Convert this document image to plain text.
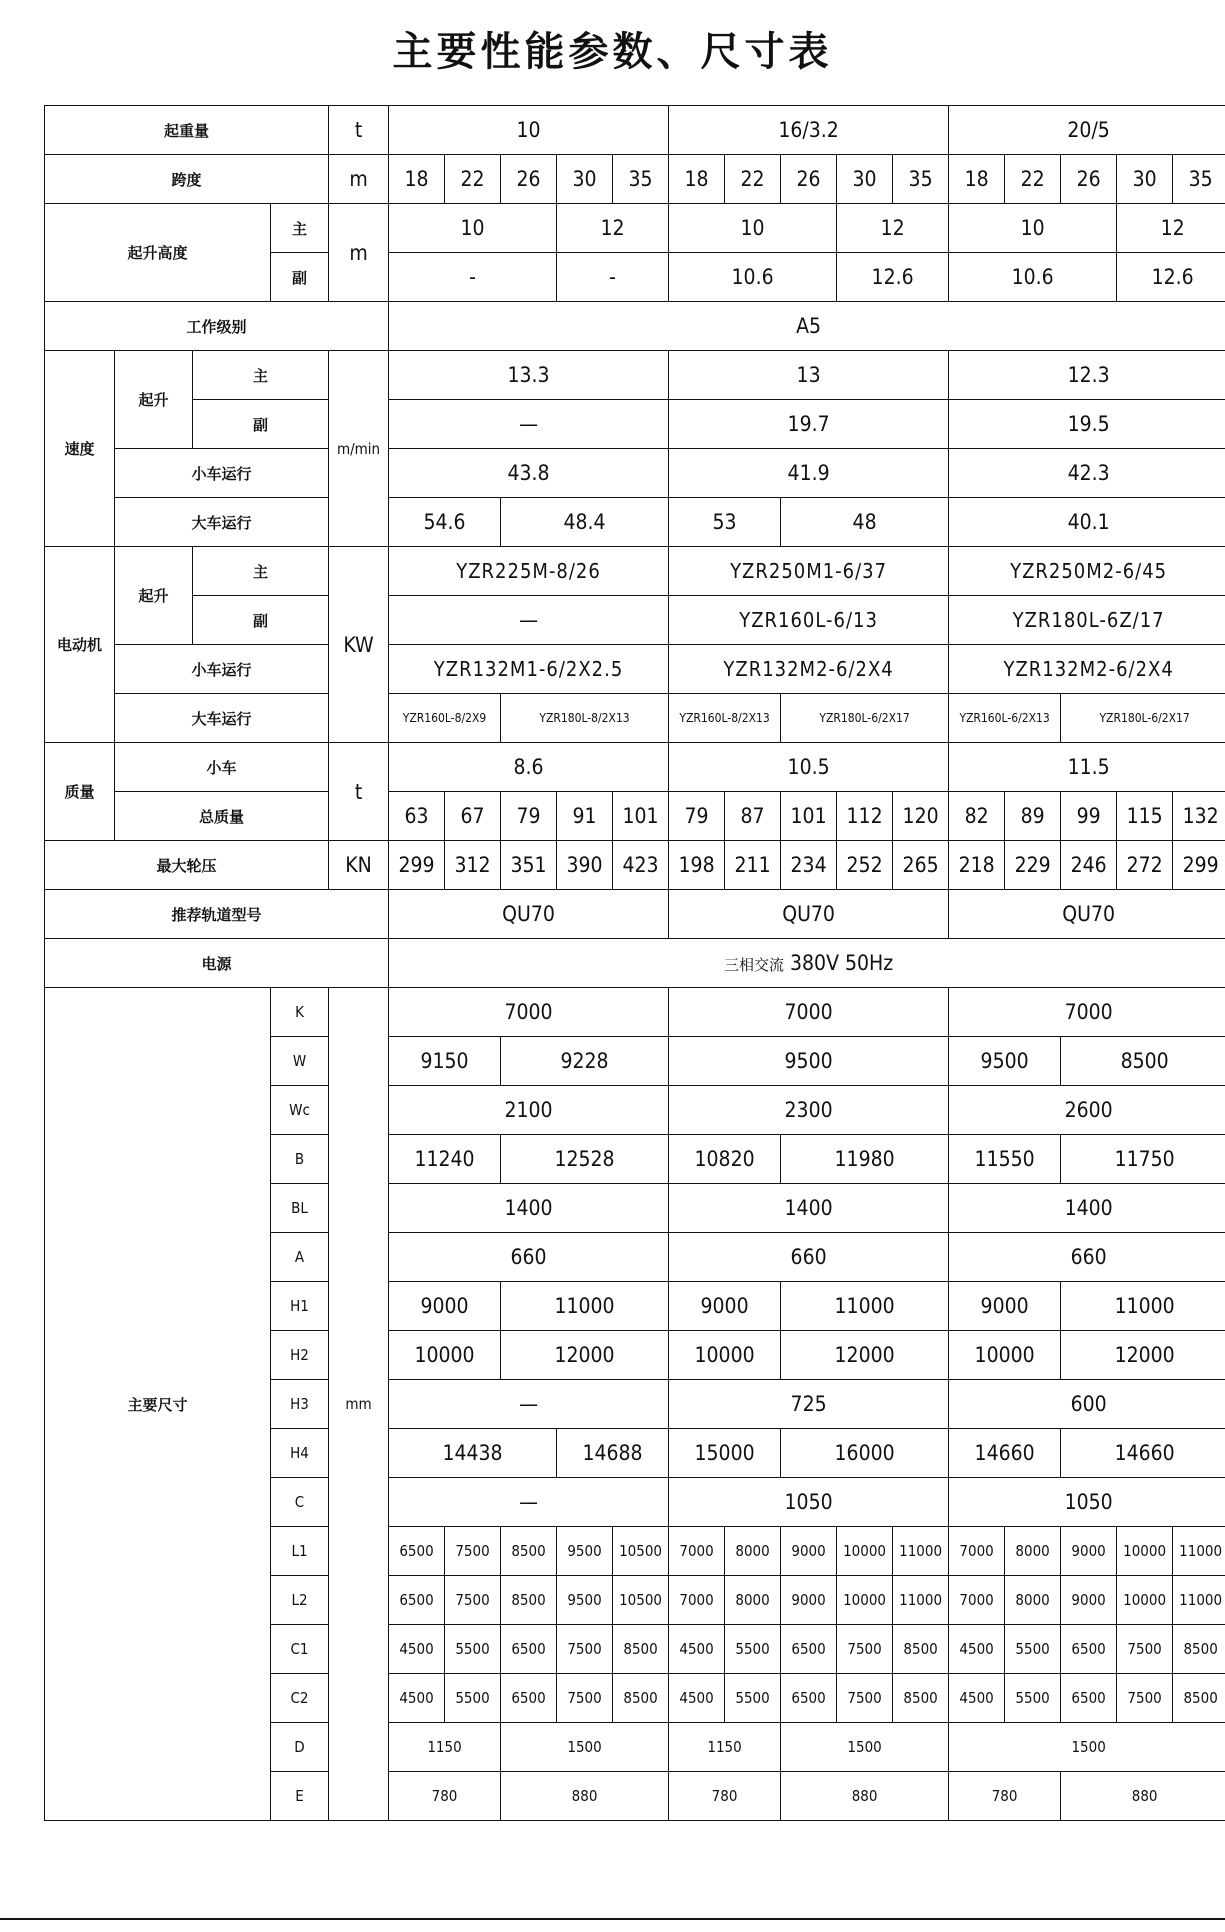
主要性能参数、尺寸表
起重量				t	10					16/3.2					20/5				
跨度				m	18	22	26	30	35	18	22	26	30	35	18	22	26	30	35
起升高度			主	m	10			12		10			12		10			12	
			副		-			-		10.6			12.6		10.6			12.6	
工作级别					A5														
速度	起升	主		m/min	13.3					13					12.3				
		副			—					19.7					19.5				
	小车运行				43.8					41.9					42.3				
	大车运行				54.6		48.4			53		48			40.1				
电动机	起升	主		KW	YZR225M-8/26					YZR250M1-6/37					YZR250M2-6/45				
		副			—					YZR160L-6/13					YZR180L-6Z/17				
	小车运行				YZR132M1-6/2X2.5					YZR132M2-6/2X4					YZR132M2-6/2X4				
	大车运行				YZR160L-8/2X9		YZR180L-8/2X13			YZR160L-8/2X13		YZR180L-6/2X17			YZR160L-6/2X13		YZR180L-6/2X17		
质量	小车			t	8.6					10.5					11.5				
	总质量				63	67	79	91	101	79	87	101	112	120	82	89	99	115	132
最大轮压				KN	299	312	351	390	423	198	211	234	252	265	218	229	246	272	299
推荐轨道型号					QU70					QU70					QU70				
电源					三相交流 380V 50Hz														
主要尺寸			K	mm	7000					7000					7000				
			W		9150		9228			9500					9500		8500		
			Wc		2100					2300					2600				
			B		11240		12528			10820		11980			11550		11750		
			BL		1400					1400					1400				
			A		660					660					660				
			H1		9000		11000			9000		11000			9000		11000		
			H2		10000		12000			10000		12000			10000		12000		
			H3		—					725					600				
			H4		14438			14688		15000		16000			14660		14660		
			C		—					1050					1050				
			L1		6500	7500	8500	9500	10500	7000	8000	9000	10000	11000	7000	8000	9000	10000	11000
			L2		6500	7500	8500	9500	10500	7000	8000	9000	10000	11000	7000	8000	9000	10000	11000
			C1		4500	5500	6500	7500	8500	4500	5500	6500	7500	8500	4500	5500	6500	7500	8500
			C2		4500	5500	6500	7500	8500	4500	5500	6500	7500	8500	4500	5500	6500	7500	8500
			D		1150		1500			1150		1500			1500				
			E		780		880			780		880			780		880		
